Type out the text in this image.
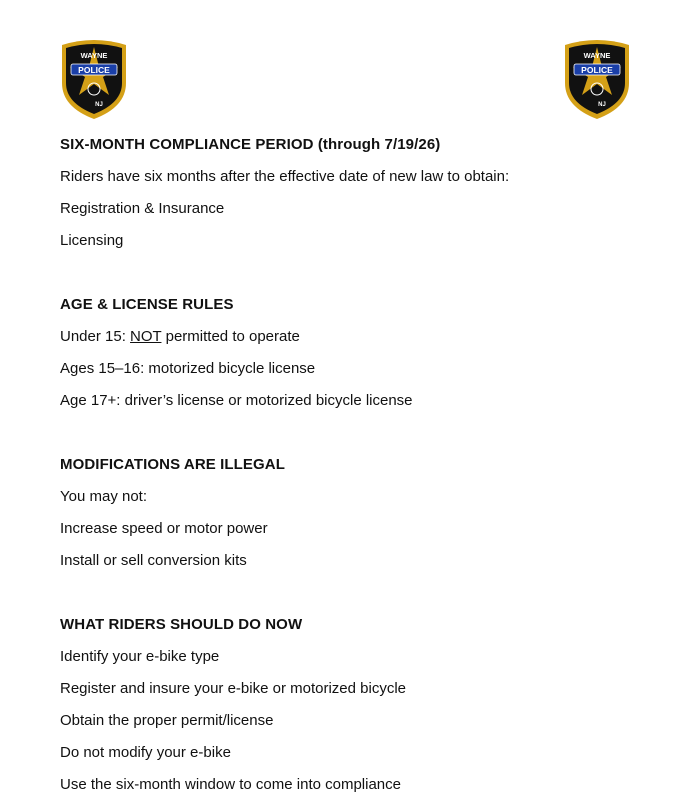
WAYNE
POLICE
NJ
WAYNE
POLICE
NJ
SIX-MONTH COMPLIANCE PERIOD (through 7/19/26)
Riders have six months after the effective date of new law to obtain:
Registration & Insurance
Licensing
AGE & LICENSE RULES
Under 15: NOT permitted to operate
Ages 15–16: motorized bicycle license
Age 17+: driver’s license or motorized bicycle license
MODIFICATIONS ARE ILLEGAL
You may not:
Increase speed or motor power
Install or sell conversion kits
WHAT RIDERS SHOULD DO NOW
Identify your e-bike type
Register and insure your e-bike or motorized bicycle
Obtain the proper permit/license
Do not modify your e-bike
Use the six-month window to come into compliance
